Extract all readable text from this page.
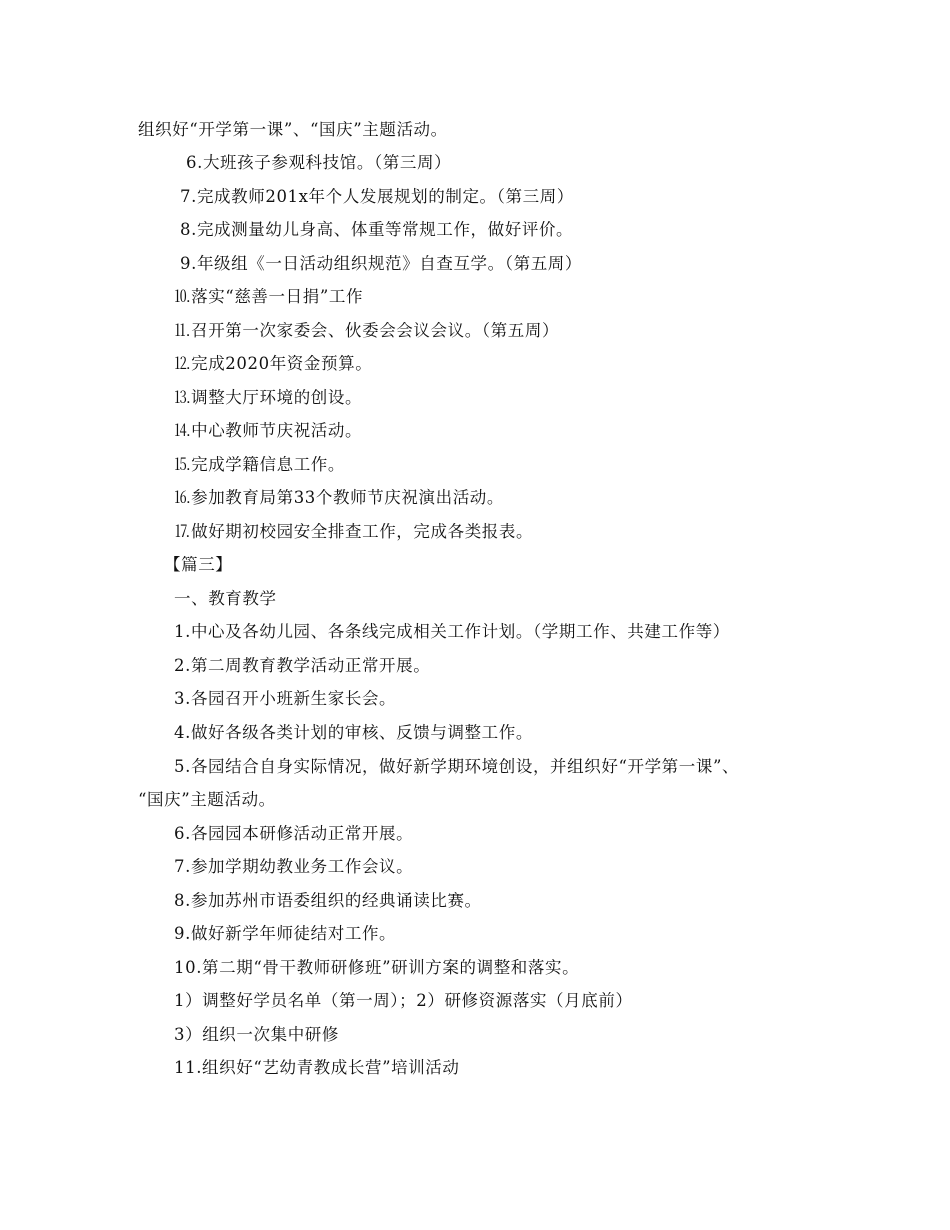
组织好“开学第一课”、“国庆”主题活动。
6.大班孩子参观科技馆。（第三周）
7.完成教师201x年个人发展规划的制定。（第三周）
8.完成测量幼儿身高、体重等常规工作，做好评价。
9.年级组《一日活动组织规范》自查互学。（第五周）
⒑落实“慈善一日捐”工作
⒒召开第一次家委会、伙委会会议会议。（第五周）
⒓完成2020年资金预算。
⒔调整大厅环境的创设。
⒕中心教师节庆祝活动。
⒖完成学籍信息工作。
⒗参加教育局第33个教师节庆祝演出活动。
⒘做好期初校园安全排查工作，完成各类报表。
【篇三】
一、教育教学
1.中心及各幼儿园、各条线完成相关工作计划。（学期工作、共建工作等）
2.第二周教育教学活动正常开展。
3.各园召开小班新生家长会。
4.做好各级各类计划的审核、反馈与调整工作。
5.各园结合自身实际情况，做好新学期环境创设，并组织好“开学第一课”、
“国庆”主题活动。
6.各园园本研修活动正常开展。
7.参加学期幼教业务工作会议。
8.参加苏州市语委组织的经典诵读比赛。
9.做好新学年师徒结对工作。
10.第二期“骨干教师研修班”研训方案的调整和落实。
1）调整好学员名单（第一周）；2）研修资源落实（月底前）
3）组织一次集中研修
11.组织好“艺幼青教成长营”培训活动
